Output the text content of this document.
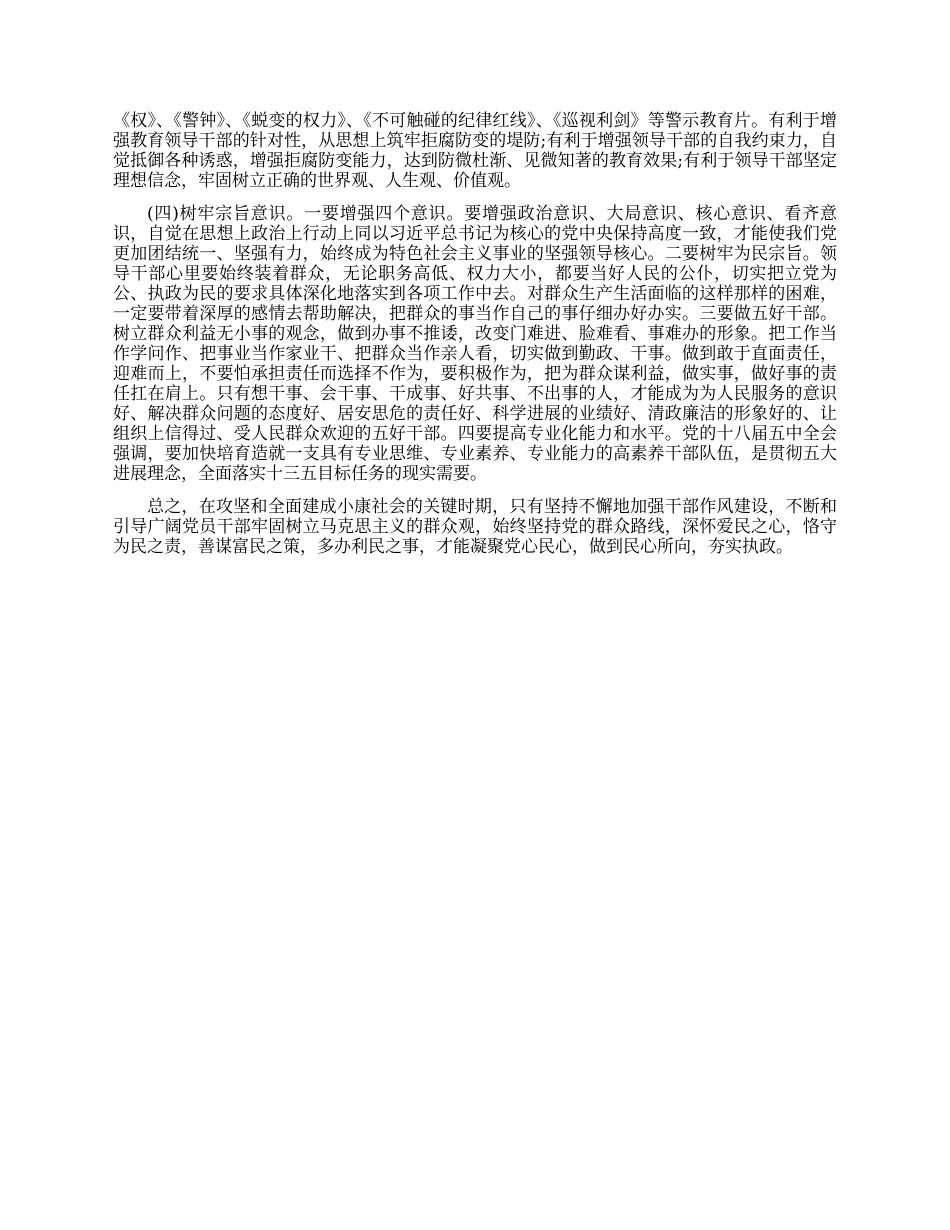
《权》、《警钟》、《蜕变的权力》、《不可触碰的纪律红线》、《巡视利剑》等警示教育片。有利于增强教育领导干部的针对性，从思想上筑牢拒腐防变的堤防;有利于增强领导干部的自我约束力，自觉抵御各种诱惑，增强拒腐防变能力，达到防微杜渐、见微知著的教育效果;有利于领导干部坚定理想信念，牢固树立正确的世界观、人生观、价值观。

(四)树牢宗旨意识。一要增强四个意识。要增强政治意识、大局意识、核心意识、看齐意识，自觉在思想上政治上行动上同以习近平总书记为核心的党中央保持高度一致，才能使我们党更加团结统一、坚强有力，始终成为特色社会主义事业的坚强领导核心。二要树牢为民宗旨。领导干部心里要始终装着群众，无论职务高低、权力大小，都要当好人民的公仆，切实把立党为公、执政为民的要求具体深化地落实到各项工作中去。对群众生产生活面临的这样那样的困难，一定要带着深厚的感情去帮助解决，把群众的事当作自己的事仔细办好办实。三要做五好干部。树立群众利益无小事的观念，做到办事不推诿，改变门难进、脸难看、事难办的形象。把工作当作学问作、把事业当作家业干、把群众当作亲人看，切实做到勤政、干事。做到敢于直面责任，迎难而上，不要怕承担责任而选择不作为，要积极作为，把为群众谋利益，做实事，做好事的责任扛在肩上。只有想干事、会干事、干成事、好共事、不出事的人，才能成为为人民服务的意识好、解决群众问题的态度好、居安思危的责任好、科学进展的业绩好、清政廉洁的形象好的、让组织上信得过、受人民群众欢迎的五好干部。四要提高专业化能力和水平。党的十八届五中全会强调，要加快培育造就一支具有专业思维、专业素养、专业能力的高素养干部队伍，是贯彻五大进展理念，全面落实十三五目标任务的现实需要。

总之，在攻坚和全面建成小康社会的关键时期，只有坚持不懈地加强干部作风建设，不断和引导广阔党员干部牢固树立马克思主义的群众观，始终坚持党的群众路线，深怀爱民之心，恪守为民之责，善谋富民之策，多办利民之事，才能凝聚党心民心，做到民心所向，夯实执政。
